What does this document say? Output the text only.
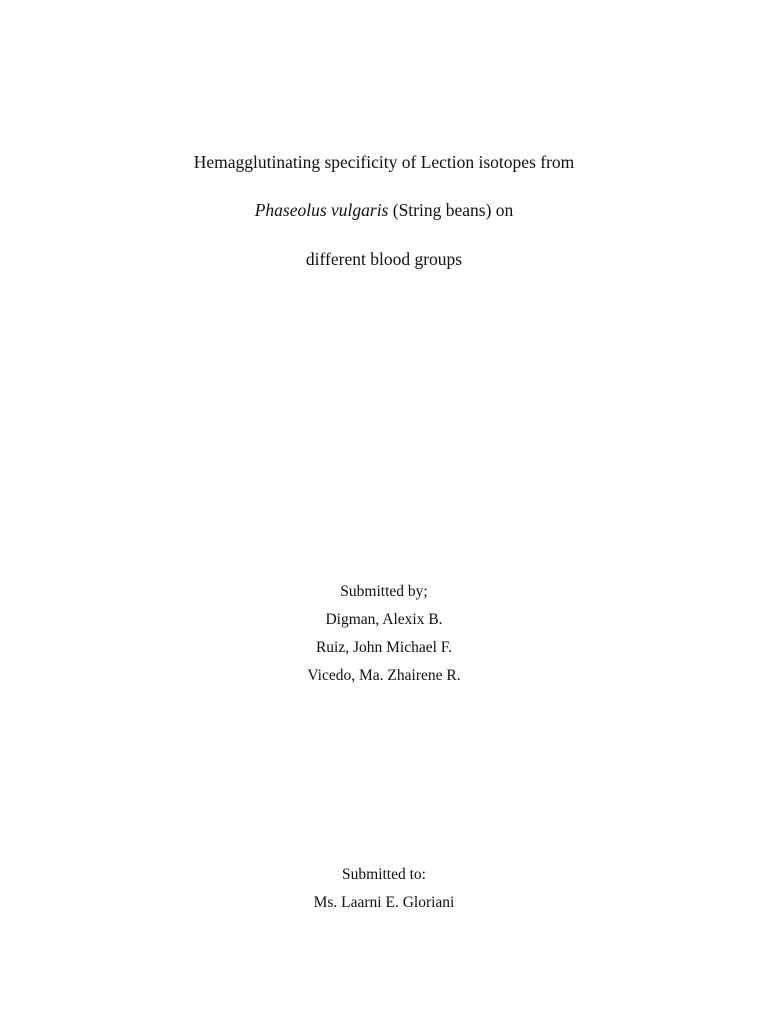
Hemagglutinating specificity of Lection isotopes from
Phaseolus vulgaris (String beans) on
different blood groups
Submitted by;
Digman, Alexix B.
Ruiz, John Michael F.
Vicedo, Ma. Zhairene R.
Submitted to:
Ms. Laarni E. Gloriani
